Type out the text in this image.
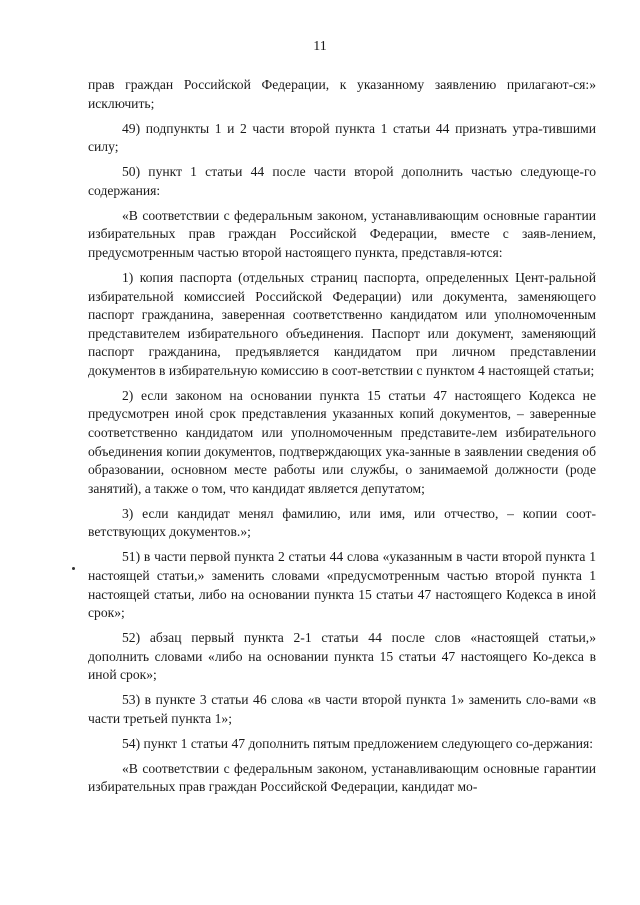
11

прав граждан Российской Федерации, к указанному заявлению прилагают-ся:» исключить;

49) подпункты 1 и 2 части второй пункта 1 статьи 44 признать утра-тившими силу;

50) пункт 1 статьи 44 после части второй дополнить частью следующе-го содержания:

«В соответствии с федеральным законом, устанавливающим основные гарантии избирательных прав граждан Российской Федерации, вместе с заяв-лением, предусмотренным частью второй настоящего пункта, представля-ются:

1) копия паспорта (отдельных страниц паспорта, определенных Цент-ральной избирательной комиссией Российской Федерации) или документа, заменяющего паспорт гражданина, заверенная соответственно кандидатом или уполномоченным представителем избирательного объединения. Паспорт или документ, заменяющий паспорт гражданина, предъявляется кандидатом при личном представлении документов в избирательную комиссию в соот-ветствии с пунктом 4 настоящей статьи;

2) если законом на основании пункта 15 статьи 47 настоящего Кодекса не предусмотрен иной срок представления указанных копий документов, – заверенные соответственно кандидатом или уполномоченным представите-лем избирательного объединения копии документов, подтверждающих ука-занные в заявлении сведения об образовании, основном месте работы или службы, о занимаемой должности (роде занятий), а также о том, что кандидат является депутатом;

3) если кандидат менял фамилию, или имя, или отчество, – копии соот-ветствующих документов.»;

51) в части первой пункта 2 статьи 44 слова «указанным в части второй пункта 1 настоящей статьи,» заменить словами «предусмотренным частью второй пункта 1 настоящей статьи, либо на основании пункта 15 статьи 47 настоящего Кодекса в иной срок»;

52) абзац первый пункта 2-1 статьи 44 после слов «настоящей статьи,» дополнить словами «либо на основании пункта 15 статьи 47 настоящего Ко-декса в иной срок»;

53) в пункте 3 статьи 46 слова «в части второй пункта 1» заменить сло-вами «в части третьей пункта 1»;

54) пункт 1 статьи 47 дополнить пятым предложением следующего со-держания:

«В соответствии с федеральным законом, устанавливающим основные гарантии избирательных прав граждан Российской Федерации, кандидат мо-
